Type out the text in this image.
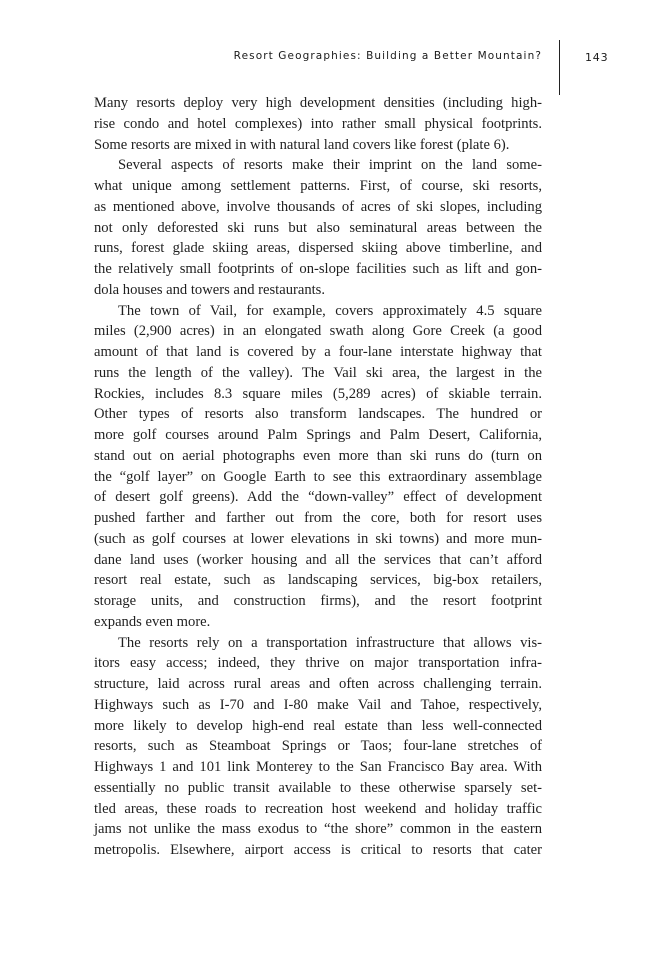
Resort Geographies: Building a Better Mountain?	143
Many resorts deploy very high development densities (including high-
rise condo and hotel complexes) into rather small physical footprints.
Some resorts are mixed in with natural land covers like forest (plate 6).
Several aspects of resorts make their imprint on the land some-
what unique among settlement patterns. First, of course, ski resorts,
as mentioned above, involve thousands of acres of ski slopes, including
not only deforested ski runs but also seminatural areas between the
runs, forest glade skiing areas, dispersed skiing above timberline, and
the relatively small footprints of on-slope facilities such as lift and gon-
dola houses and towers and restaurants.
The town of Vail, for example, covers approximately 4.5 square
miles (2,900 acres) in an elongated swath along Gore Creek (a good
amount of that land is covered by a four-lane interstate highway that
runs the length of the valley). The Vail ski area, the largest in the
Rockies, includes 8.3 square miles (5,289 acres) of skiable terrain.
Other types of resorts also transform landscapes. The hundred or
more golf courses around Palm Springs and Palm Desert, California,
stand out on aerial photographs even more than ski runs do (turn on
the “golf layer” on Google Earth to see this extraordinary assemblage
of desert golf greens). Add the “down-valley” effect of development
pushed farther and farther out from the core, both for resort uses
(such as golf courses at lower elevations in ski towns) and more mun-
dane land uses (worker housing and all the services that can’t afford
resort real estate, such as landscaping services, big-box retailers,
storage units, and construction firms), and the resort footprint
expands even more.
The resorts rely on a transportation infrastructure that allows vis-
itors easy access; indeed, they thrive on major transportation infra-
structure, laid across rural areas and often across challenging terrain.
Highways such as I-70 and I-80 make Vail and Tahoe, respectively,
more likely to develop high-end real estate than less well-connected
resorts, such as Steamboat Springs or Taos; four-lane stretches of
Highways 1 and 101 link Monterey to the San Francisco Bay area. With
essentially no public transit available to these otherwise sparsely set-
tled areas, these roads to recreation host weekend and holiday traffic
jams not unlike the mass exodus to “the shore” common in the eastern
metropolis. Elsewhere, airport access is critical to resorts that cater
